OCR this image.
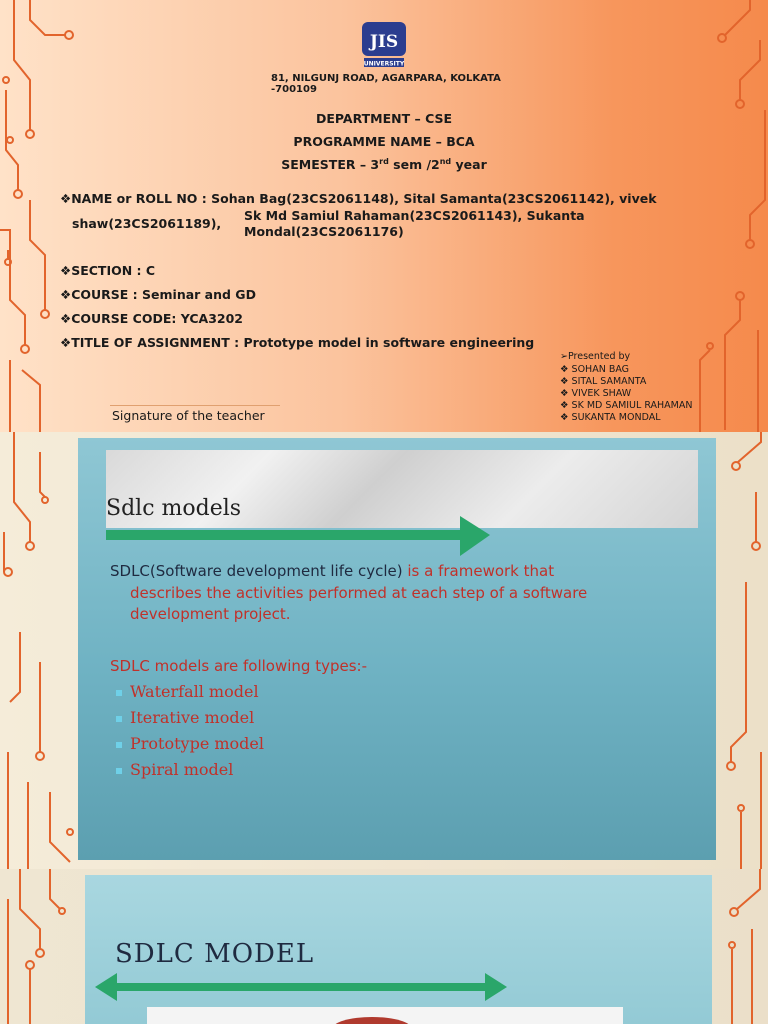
JIS
UNIVERSITY
81, NILGUNJ ROAD, AGARPARA, KOLKATA -700109
DEPARTMENT – CSE
PROGRAMME NAME – BCA
SEMESTER – 3rd sem /2nd year
❖NAME or ROLL NO : Sohan Bag(23CS2061148), Sital Samanta(23CS2061142), vivek
shaw(23CS2061189),
Sk Md Samiul Rahaman(23CS2061143), Sukanta
Mondal(23CS2061176)
❖SECTION : C
❖COURSE : Seminar and GD
❖COURSE CODE: YCA3202
❖TITLE OF ASSIGNMENT : Prototype model in software engineering
➢Presented by
❖ SOHAN BAG
❖ SITAL SAMANTA
❖ VIVEK SHAW
❖ SK MD SAMIUL RAHAMAN
❖ SUKANTA MONDAL
Signature of the teacher
Sdlc models
SDLC(Software development life cycle) is a framework that
describes the activities performed at each step of a software
development project.
SDLC models are following types:-
Waterfall model
Iterative model
Prototype model
Spiral model
SDLC MODEL
